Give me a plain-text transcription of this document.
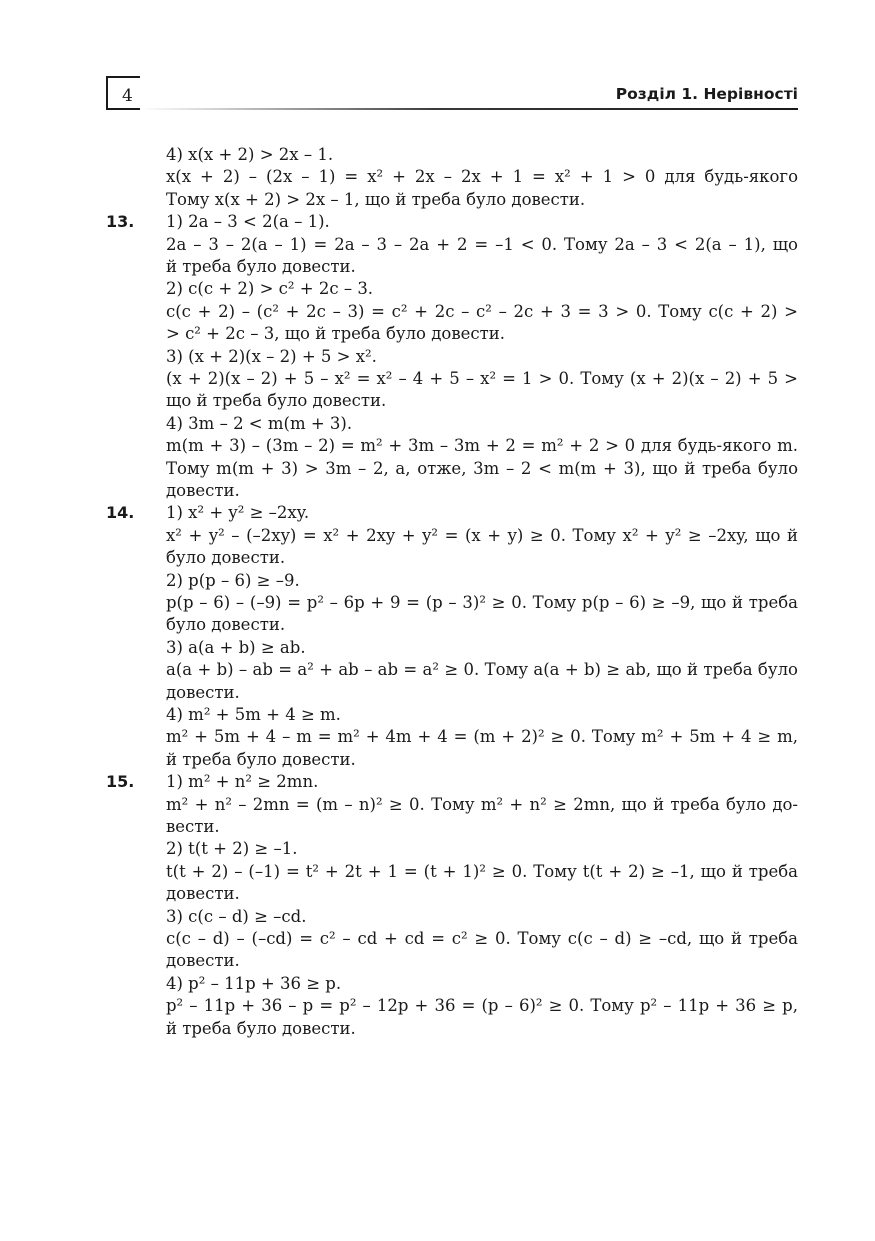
4	Розділ 1. Нерівності
4) x(x + 2) > 2x – 1.
x(x + 2) – (2x – 1) = x² + 2x – 2x + 1 = x² + 1 > 0 для будь-якого
Тому x(x + 2) > 2x – 1, що й треба було довести.
13.	1) 2a – 3 < 2(a – 1).
2a – 3 – 2(a – 1) = 2a – 3 – 2a + 2 = –1 < 0. Тому 2a – 3 < 2(a – 1), що
й треба було довести.
2) c(c + 2) > c² + 2c – 3.
c(c + 2) – (c² + 2c – 3) = c² + 2c – c² – 2c + 3 = 3 > 0. Тому c(c + 2) >
> c² + 2c – 3, що й треба було довести.
3) (x + 2)(x – 2) + 5 > x².
(x + 2)(x – 2) + 5 – x² = x² – 4 + 5 – x² = 1 > 0. Тому (x + 2)(x – 2) + 5 >
що й треба було довести.
4) 3m – 2 < m(m + 3).
m(m + 3) – (3m – 2) = m² + 3m – 3m + 2 = m² + 2 > 0 для будь-якого m.
Тому m(m + 3) > 3m – 2, а, отже, 3m – 2 < m(m + 3), що й треба було
довести.
14.	1) x² + y² ≥ –2xy.
x² + y² – (–2xy) = x² + 2xy + y² = (x + y) ≥ 0. Тому x² + y² ≥ –2xy, що й
було довести.
2) p(p – 6) ≥ –9.
p(p – 6) – (–9) = p² – 6p + 9 = (p – 3)² ≥ 0. Тому p(p – 6) ≥ –9, що й треба
було довести.
3) a(a + b) ≥ ab.
a(a + b) – ab = a² + ab – ab = a² ≥ 0. Тому a(a + b) ≥ ab, що й треба було
довести.
4) m² + 5m + 4 ≥ m.
m² + 5m + 4 – m = m² + 4m + 4 = (m + 2)² ≥ 0. Тому m² + 5m + 4 ≥ m,
й треба було довести.
15.	1) m² + n² ≥ 2mn.
m² + n² – 2mn = (m – n)² ≥ 0. Тому m² + n² ≥ 2mn, що й треба було до-
вести.
2) t(t + 2) ≥ –1.
t(t + 2) – (–1) = t² + 2t + 1 = (t + 1)² ≥ 0. Тому t(t + 2) ≥ –1, що й треба
довести.
3) c(c – d) ≥ –cd.
c(c – d) – (–cd) = c² – cd + cd = c² ≥ 0. Тому c(c – d) ≥ –cd, що й треба
довести.
4) p² – 11p + 36 ≥ p.
p² – 11p + 36 – p = p² – 12p + 36 = (p – 6)² ≥ 0. Тому p² – 11p + 36 ≥ p,
й треба було довести.
